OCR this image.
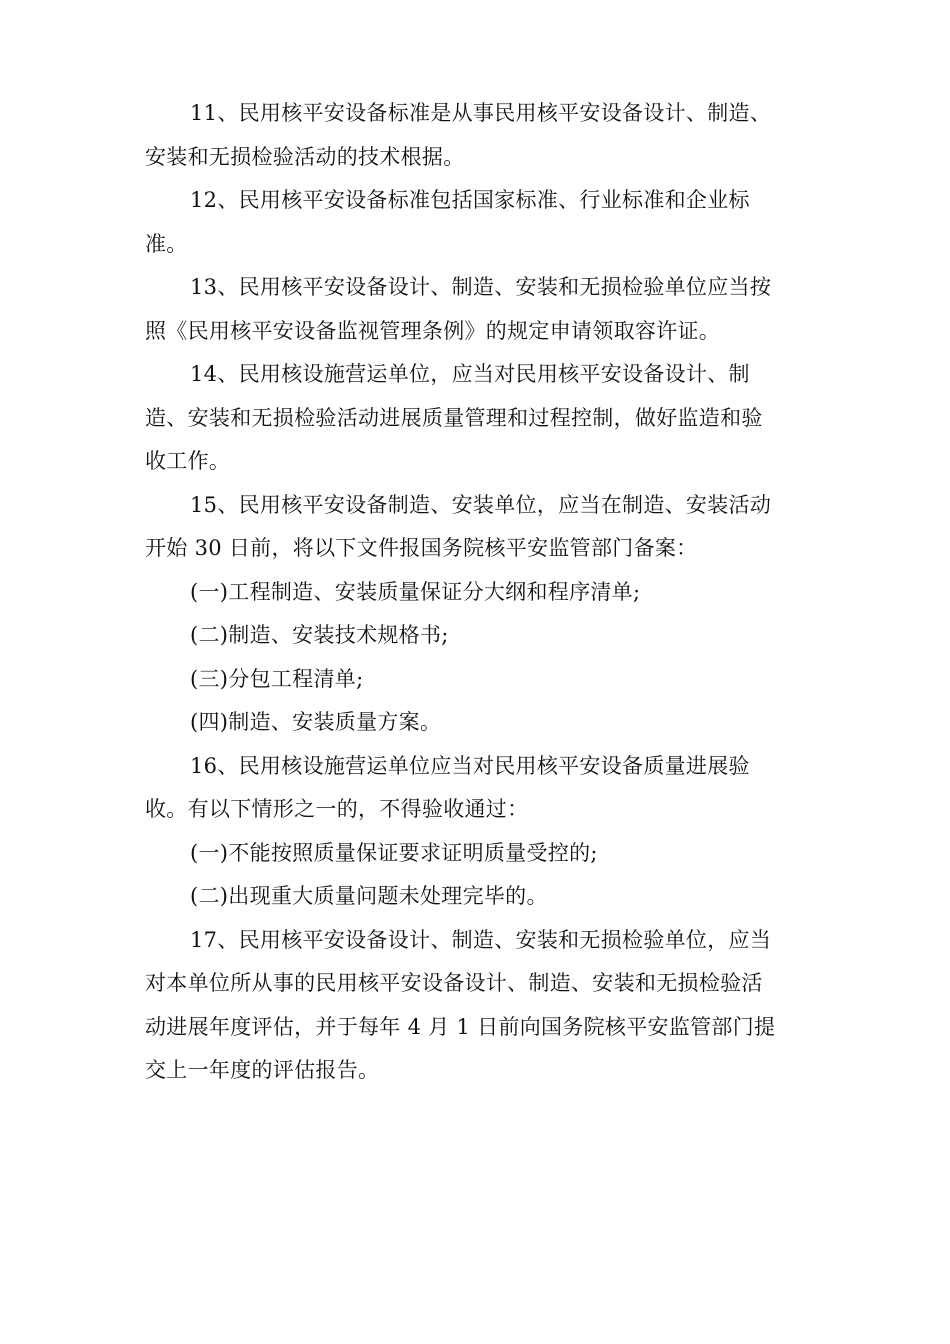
11、民用核平安设备标准是从事民用核平安设备设计、制造、

安装和无损检验活动的技术根据。

12、民用核平安设备标准包括国家标准、行业标准和企业标

准。

13、民用核平安设备设计、制造、安装和无损检验单位应当按

照《民用核平安设备监视管理条例》的规定申请领取容许证。

14、民用核设施营运单位，应当对民用核平安设备设计、制

造、安装和无损检验活动进展质量管理和过程控制，做好监造和验

收工作。

15、民用核平安设备制造、安装单位，应当在制造、安装活动

开始 30 日前，将以下文件报国务院核平安监管部门备案：

(一)工程制造、安装质量保证分大纲和程序清单;

(二)制造、安装技术规格书;

(三)分包工程清单;

(四)制造、安装质量方案。

16、民用核设施营运单位应当对民用核平安设备质量进展验

收。有以下情形之一的，不得验收通过：

(一)不能按照质量保证要求证明质量受控的;

(二)出现重大质量问题未处理完毕的。

17、民用核平安设备设计、制造、安装和无损检验单位，应当

对本单位所从事的民用核平安设备设计、制造、安装和无损检验活

动进展年度评估，并于每年 4 月 1 日前向国务院核平安监管部门提

交上一年度的评估报告。
